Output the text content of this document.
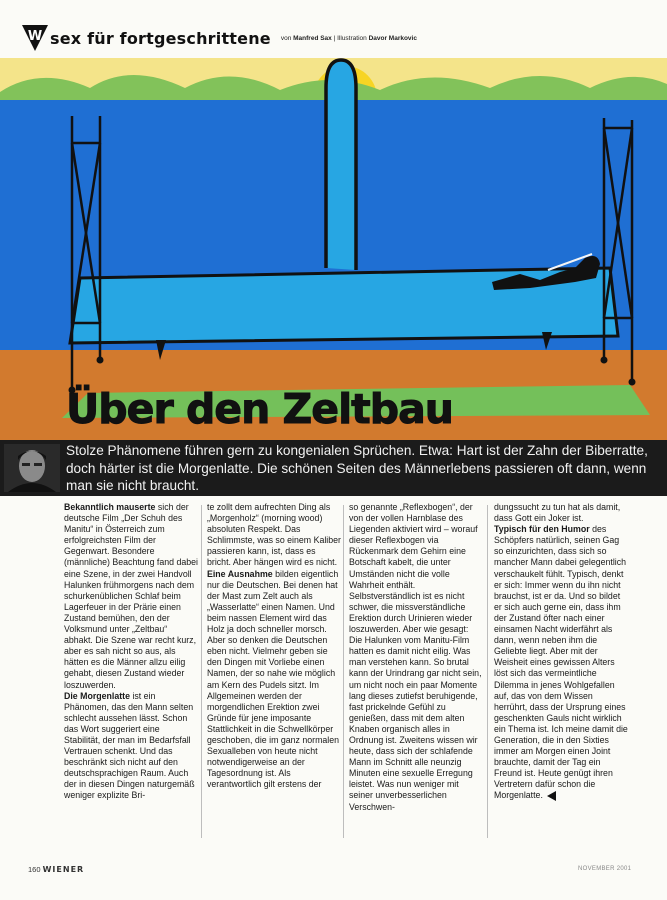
W sex für fortgeschrittene von Manfred Sax | Illustration Davor Markovic
Über den Zeltbau
Stolze Phänomene führen gern zu kongenialen Sprüchen. Etwa: Hart ist der Zahn der Biberratte, doch härter ist die Morgenlatte. Die schönen Seiten des Männerlebens passieren oft dann, wenn man sie nicht braucht.

Bekanntlich mauserte sich der deutsche Film „Der Schuh des Manitu“ in Österreich zum erfolgreichsten Film der Gegenwart. Besondere (männliche) Beachtung fand dabei eine Szene, in der zwei Handvoll Halunken frühmorgens nach dem schurkenüblichen Schlaf beim Lagerfeuer in der Prärie einen Zustand bemühen, den der Volksmund unter „Zeltbau“ abhakt. Die Szene war recht kurz, aber es sah nicht so aus, als hätten es die Männer allzu eilig gehabt, diesen Zustand wieder loszuwerden.

Die Morgenlatte ist ein Phänomen, das den Mann selten schlecht aussehen lässt. Schon das Wort suggeriert eine Stabilität, der man im Bedarfsfall Vertrauen schenkt. Und das beschränkt sich nicht auf den deutschsprachigen Raum. Auch der in diesen Dingen naturgemäß weniger explizite Bri-

te zollt dem aufrechten Ding als „Morgenholz“ (morning wood) absoluten Respekt. Das Schlimmste, was so einem Kaliber passieren kann, ist, dass es bricht. Aber hängen wird es nicht.

Eine Ausnahme bilden eigentlich nur die Deutschen. Bei denen hat der Mast zum Zelt auch als „Wasserlatte“ einen Namen. Und beim nassen Element wird das Holz ja doch schneller morsch. Aber so denken die Deutschen eben nicht. Vielmehr geben sie den Dingen mit Vorliebe einen Namen, der so nahe wie möglich am Kern des Pudels sitzt. Im Allgemeinen werden der morgendlichen Erektion zwei Gründe für jene imposante Stattlichkeit in die Schwellkörper geschoben, die im ganz normalen Sexualleben von heute nicht notwendigerweise an der Tagesordnung ist. Als verantwortlich gilt erstens der

so genannte „Reflexbogen“, der von der vollen Harnblase des Liegenden aktiviert wird – worauf dieser Reflexbogen via Rückenmark dem Gehirn eine Botschaft kabelt, die unter Umständen nicht die volle Wahrheit enthält.

Selbstverständlich ist es nicht schwer, die missverständliche Erektion durch Urinieren wieder loszuwerden. Aber wie gesagt: Die Halunken vom Manitu-Film hatten es damit nicht eilig. Was man verstehen kann. So brutal kann der Urindrang gar nicht sein, um nicht noch ein paar Momente lang dieses zutiefst beruhigende, fast prickelnde Gefühl zu genießen, dass mit dem alten Knaben organisch alles in Ordnung ist. Zweitens wissen wir heute, dass sich der schlafende Mann im Schnitt alle neunzig Minuten eine sexuelle Erregung leistet. Was nun weniger mit seiner unverbesserlichen Verschwen-

dungssucht zu tun hat als damit, dass Gott ein Joker ist.

Typisch für den Humor des Schöpfers natürlich, seinen Gag so einzurichten, dass sich so mancher Mann dabei gelegentlich verschaukelt fühlt. Typisch, denkt er sich: Immer wenn du ihn nicht brauchst, ist er da. Und so bildet er sich auch gerne ein, dass ihm der Zustand öfter nach einer einsamen Nacht widerfährt als dann, wenn neben ihm die Geliebte liegt. Aber mit der Weisheit eines gewissen Alters löst sich das vermeintliche Dilemma in jenes Wohlgefallen auf, das von dem Wissen herrührt, dass der Ursprung eines geschenkten Gauls nicht wirklich ein Thema ist. Ich meine damit die Generation, die in den Sixties immer am Morgen einen Joint brauchte, damit der Tag ein Freund ist. Heute genügt ihren Vertretern dafür schon die Morgenlatte.

160 WIENER	NOVEMBER 2001
